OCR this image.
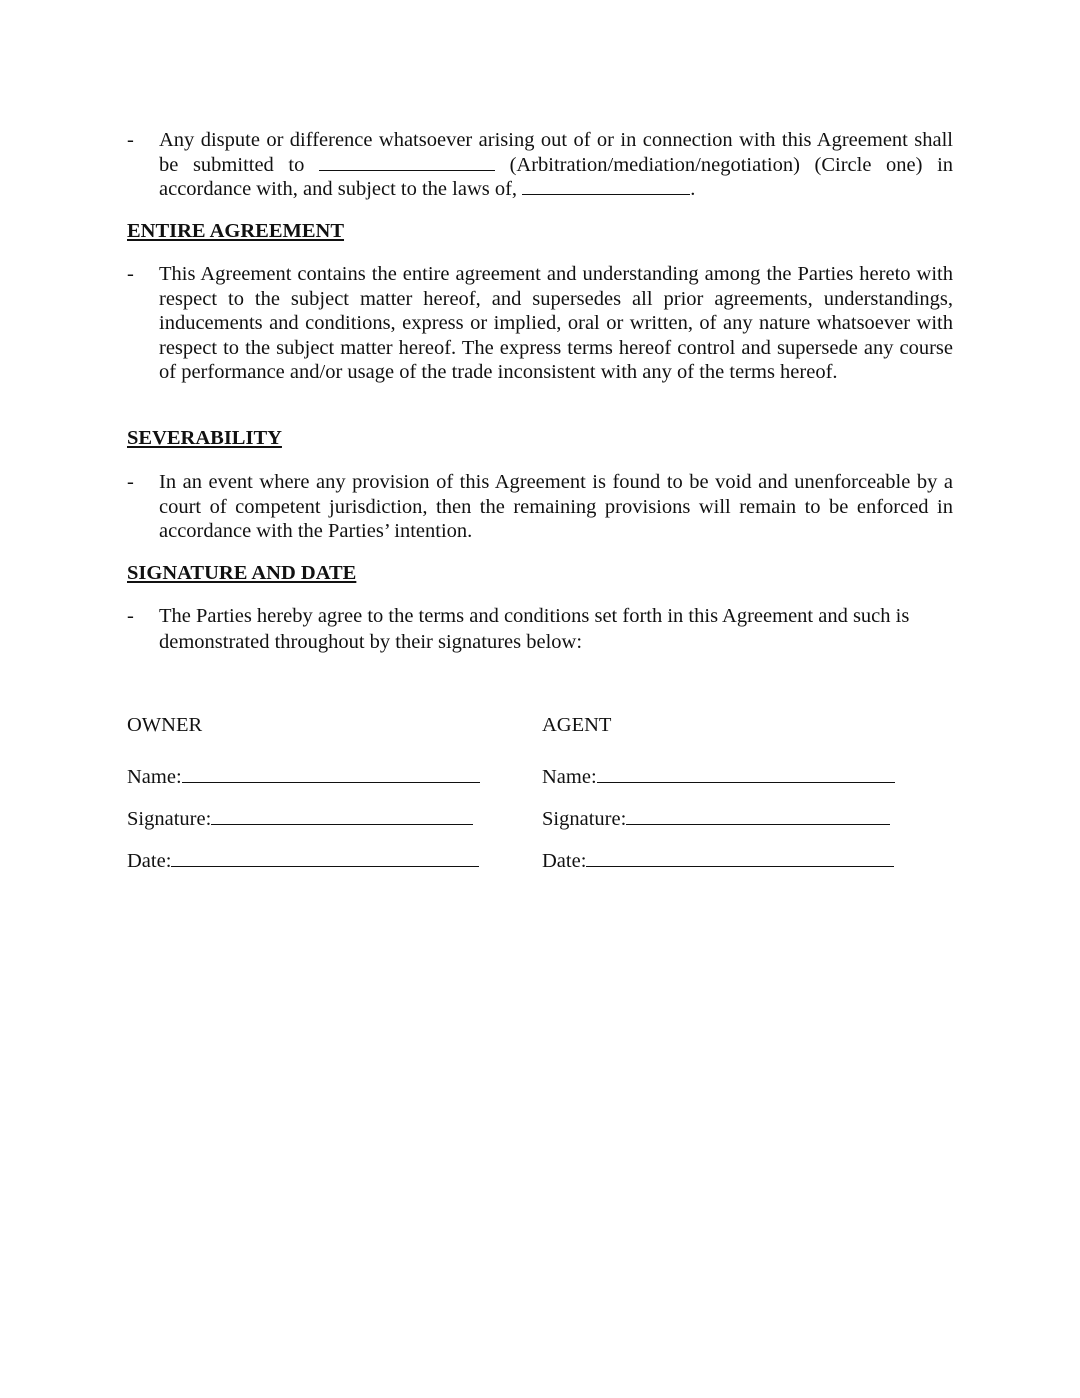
- Any dispute or difference whatsoever arising out of or in connection with this Agreement shall be submitted to	(Arbitration/mediation/negotiation) (Circle one) in accordance with, and subject to the laws of,	.
ENTIRE AGREEMENT
- This Agreement contains the entire agreement and understanding among the Parties hereto with respect to the subject matter hereof, and supersedes all prior agreements, understandings, inducements and conditions, express or implied, oral or written, of any nature whatsoever with respect to the subject matter hereof. The express terms hereof control and supersede any course of performance and/or usage of the trade inconsistent with any of the terms hereof.
SEVERABILITY
- In an event where any provision of this Agreement is found to be void and unenforceable by a court of competent jurisdiction, then the remaining provisions will remain to be enforced in accordance with the Parties’ intention.
SIGNATURE AND DATE
- The Parties hereby agree to the terms and conditions set forth in this Agreement and such is demonstrated throughout by their signatures below:
OWNER
Name:
Signature:
Date:
AGENT
Name:
Signature:
Date:
